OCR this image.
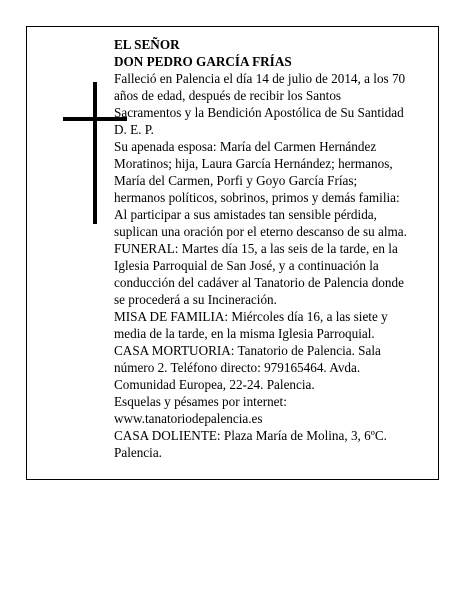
EL SEÑOR
DON PEDRO GARCÍA FRÍAS
Falleció en Palencia el día 14 de julio de 2014, a los 70
años de edad, después de recibir los Santos
Sacramentos y la Bendición Apostólica de Su Santidad
D. E. P.
Su apenada esposa: María del Carmen Hernández
Moratinos; hija, Laura García Hernández; hermanos,
María del Carmen, Porfi y Goyo García Frías;
hermanos políticos, sobrinos, primos y demás familia:
Al participar a sus amistades tan sensible pérdida,
suplican una oración por el eterno descanso de su alma.
FUNERAL: Martes día 15, a las seis de la tarde, en la
Iglesia Parroquial de San José, y a continuación la
conducción del cadáver al Tanatorio de Palencia donde
se procederá a su Incineración.
MISA DE FAMILIA: Miércoles día 16, a las siete y
media de la tarde, en la misma Iglesia Parroquial.
CASA MORTUORIA: Tanatorio de Palencia. Sala
número 2. Teléfono directo: 979165464. Avda.
Comunidad Europea, 22-24. Palencia.
Esquelas y pésames por internet:
www.tanatoriodepalencia.es
CASA DOLIENTE: Plaza María de Molina, 3, 6ºC.
Palencia.
